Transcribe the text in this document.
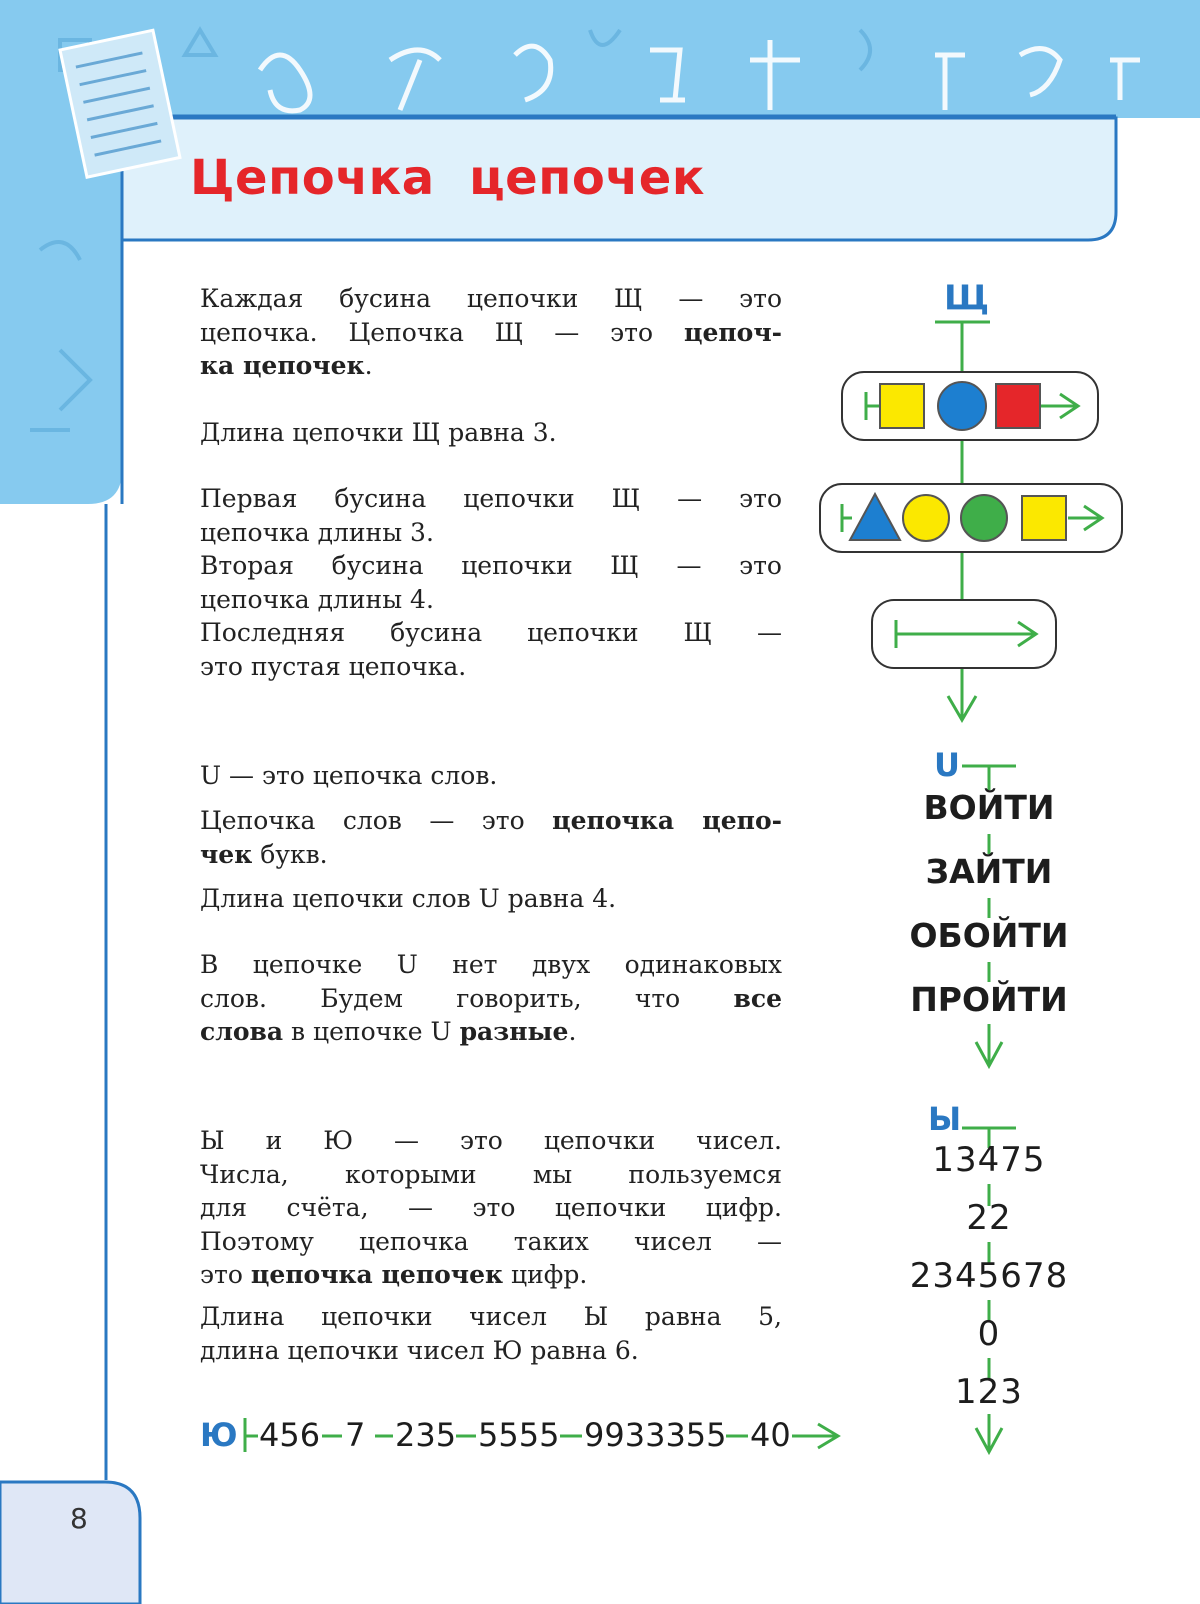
Цепочка цепочек
Каждая бусина цепочки Щ — это
цепочка. Цепочка Щ — это цепоч-
ка цепочек.
Длина цепочки Щ равна 3.
Первая бусина цепочки Щ — это
цепочка длины 3.
Вторая бусина цепочки Щ — это
цепочка длины 4.
Последняя бусина цепочки Щ —
это пустая цепочка.
U — это цепочка слов.
Цепочка слов — это цепочка цепо-
чек букв.
Длина цепочки слов U равна 4.
В цепочке U нет двух одинаковых
слов. Будем говорить, что все
слова в цепочке U разные.
Ы и Ю — это цепочки чисел.
Числа, которыми мы пользуемся
для счёта, — это цепочки цифр.
Поэтому цепочка таких чисел —
это цепочка цепочек цифр.
Длина цепочки чисел Ы равна 5,
длина цепочки чисел Ю равна 6.
Щ
U
ВОЙТИ
ЗАЙТИ
ОБОЙТИ
ПРОЙТИ
Ы
13475
22
2345678
0
123
Ю 456 7 235 5555 9933355 40
8
